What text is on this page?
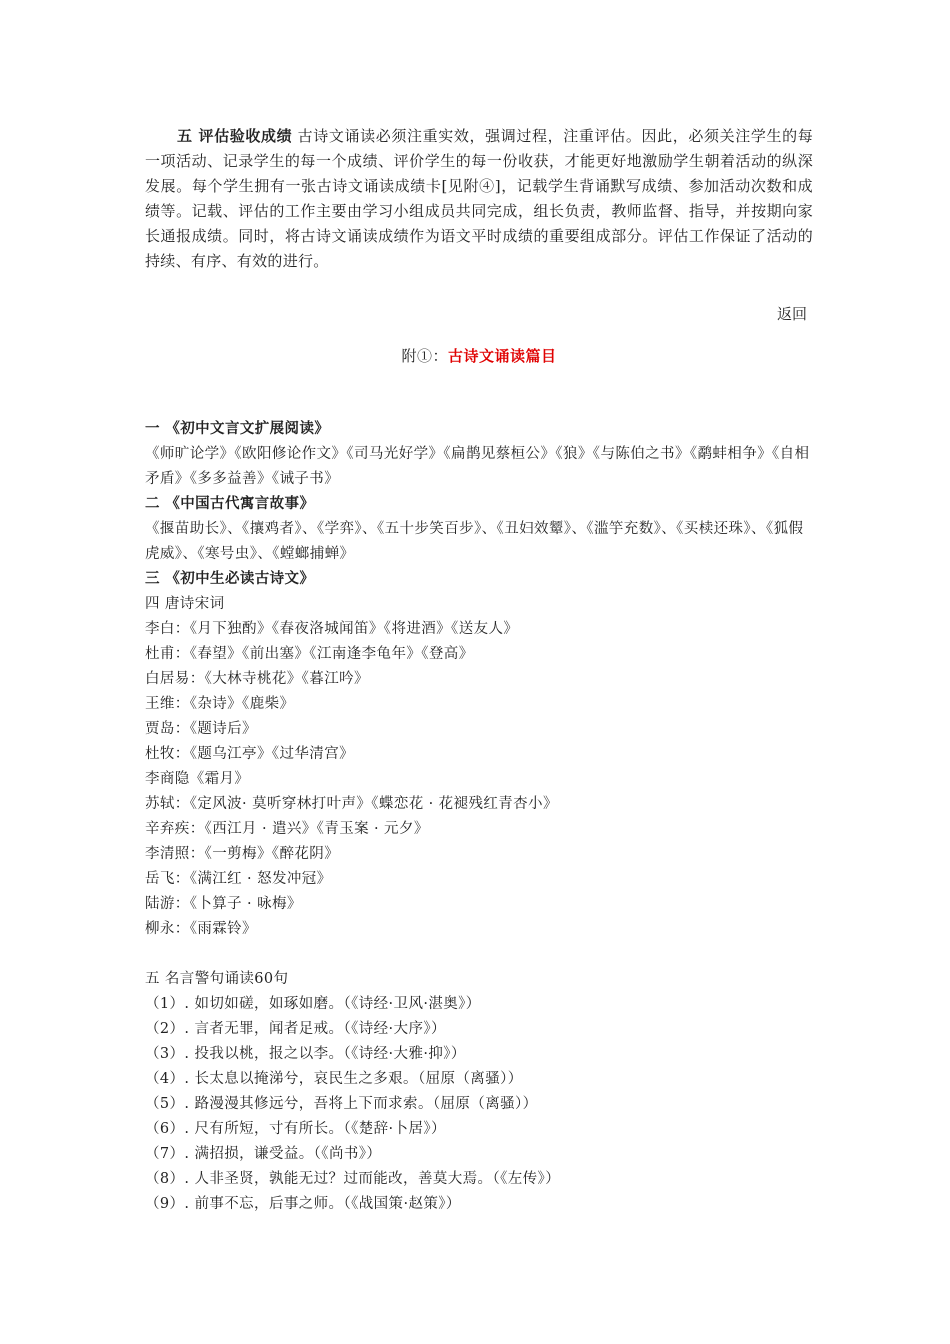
五 评估验收成绩 古诗文诵读必须注重实效，强调过程，注重评估。因此，必须关注学生的每一项活动、记录学生的每一个成绩、评价学生的每一份收获，才能更好地激励学生朝着活动的纵深发展。每个学生拥有一张古诗文诵读成绩卡[见附④]，记载学生背诵默写成绩、参加活动次数和成绩等。记载、评估的工作主要由学习小组成员共同完成，组长负责，教师监督、指导，并按期向家长通报成绩。同时，将古诗文诵读成绩作为语文平时成绩的重要组成部分。评估工作保证了活动的持续、有序、有效的进行。

返回
附①：古诗文诵读篇目

一 《初中文言文扩展阅读》

《师旷论学》《欧阳修论作文》《司马光好学》《扁鹊见蔡桓公》《狼》《与陈伯之书》《鹬蚌相争》《自相矛盾》《多多益善》《诫子书》

二 《中国古代寓言故事》

《揠苗助长》、《攘鸡者》、《学弈》、《五十步笑百步》、《丑妇效颦》、《滥竽充数》、《买椟还珠》、《狐假虎威》、《寒号虫》、《螳螂捕蝉》

三 《初中生必读古诗文》

四 唐诗宋词

李白：《月下独酌》《春夜洛城闻笛》《将进酒》《送友人》

杜甫：《春望》《前出塞》《江南逢李龟年》《登高》

白居易：《大林寺桃花》《暮江吟》

王维：《杂诗》《鹿柴》

贾岛：《题诗后》

杜牧：《题乌江亭》《过华清宫》

李商隐《霜月》

苏轼：《定风波· 莫听穿林打叶声》《蝶恋花 · 花褪残红青杏小》

辛弃疾：《西江月 · 遣兴》《青玉案 · 元夕》

李清照：《一剪梅》《醉花阴》

岳飞：《满江红 · 怒发冲冠》

陆游：《卜算子 · 咏梅》

柳永：《雨霖铃》

五 名言警句诵读60句

（1）. 如切如磋，如琢如磨。（《诗经·卫风·湛奥》）

（2）. 言者无罪，闻者足戒。（《诗经·大序》）

（3）. 投我以桃，报之以李。（《诗经·大雅·抑》）

（4）. 长太息以掩涕兮，哀民生之多艰。（屈原（离骚））

（5）. 路漫漫其修远兮，吾将上下而求索。（屈原（离骚））

（6）. 尺有所短，寸有所长。（《楚辞·卜居》）

（7）. 满招损，谦受益。（《尚书》）

（8）. 人非圣贤，孰能无过？过而能改，善莫大焉。（《左传》）

（9）. 前事不忘，后事之师。（《战国策·赵策》）
